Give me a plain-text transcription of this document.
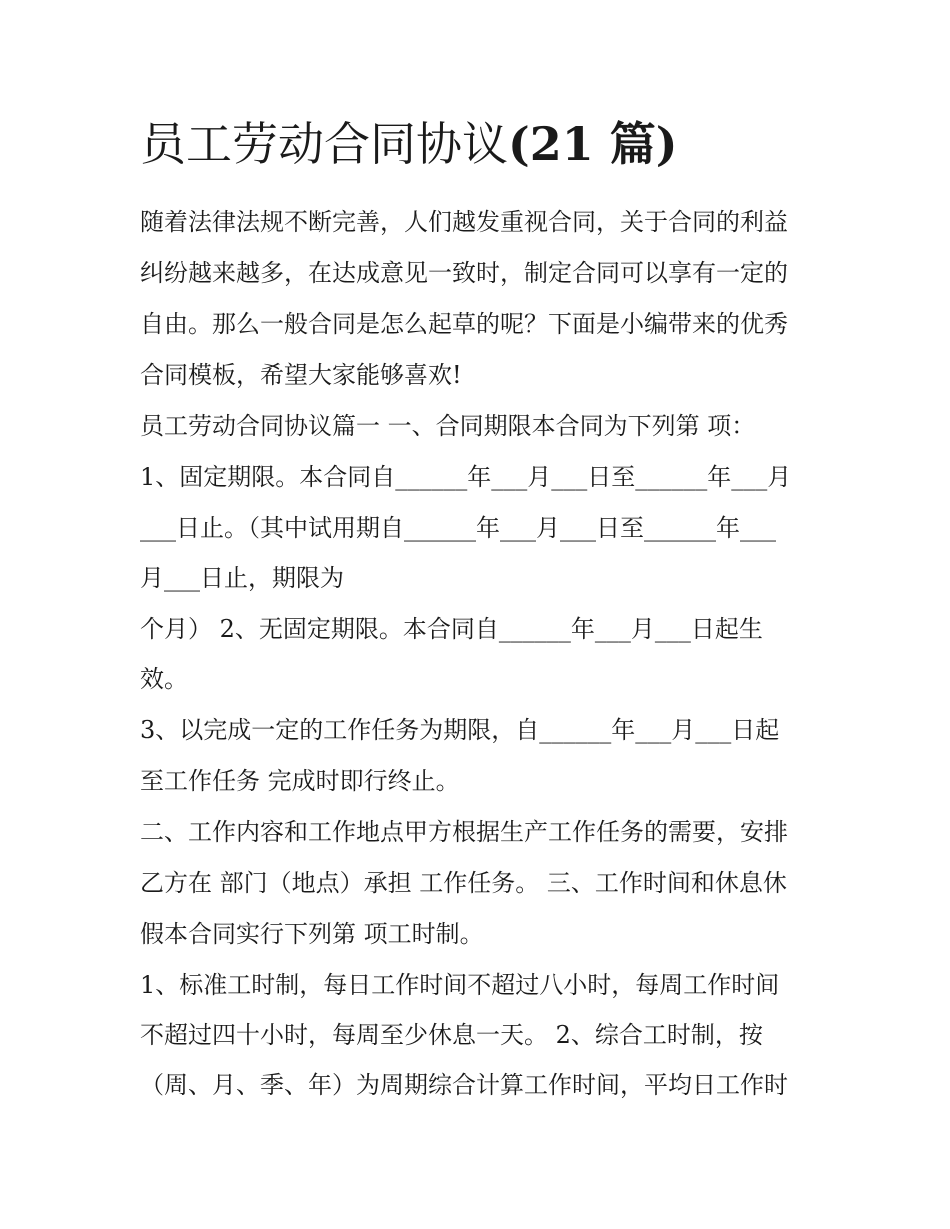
员工劳动合同协议(21 篇)

随着法律法规不断完善，人们越发重视合同，关于合同的利益

纠纷越来越多，在达成意见一致时，制定合同可以享有一定的

自由。那么一般合同是怎么起草的呢？下面是小编带来的优秀

合同模板，希望大家能够喜欢!

员工劳动合同协议篇一 一、合同期限本合同为下列第 项：

1、固定期限。本合同自______年___月___日至______年___月

___日止。（其中试用期自______年___月___日至______年___

月___日止，期限为

个月） 2、无固定期限。本合同自______年___月___日起生

效。

3、以完成一定的工作任务为期限，自______年___月___日起

至工作任务 完成时即行终止。

二、工作内容和工作地点甲方根据生产工作任务的需要，安排

乙方在 部门（地点）承担 工作任务。 三、工作时间和休息休

假本合同实行下列第 项工时制。

1、标准工时制，每日工作时间不超过八小时，每周工作时间

不超过四十小时，每周至少休息一天。 2、综合工时制，按

（周、月、季、年）为周期综合计算工作时间，平均日工作时
